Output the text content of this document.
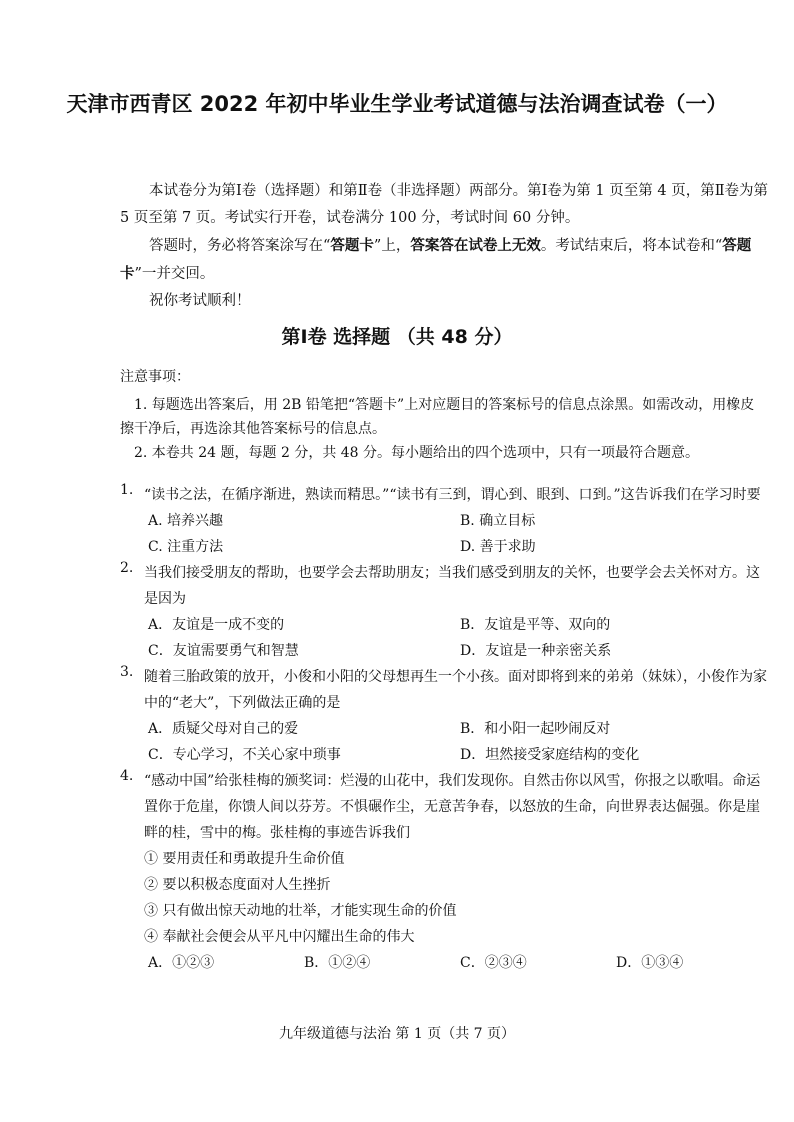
天津市西青区 2022 年初中毕业生学业考试道德与法治调查试卷（一）

本试卷分为第Ⅰ卷（选择题）和第Ⅱ卷（非选择题）两部分。第Ⅰ卷为第 1 页至第 4 页，第Ⅱ卷为第 5 页至第 7 页。考试实行开卷，试卷满分 100 分，考试时间 60 分钟。

答题时，务必将答案涂写在“答题卡”上，答案答在试卷上无效。考试结束后，将本试卷和“答题卡”一并交回。

祝你考试顺利！

第Ⅰ卷 选择题 （共 48 分）

注意事项：

1. 每题选出答案后，用 2B 铅笔把“答题卡”上对应题目的答案标号的信息点涂黑。如需改动，用橡皮擦干净后，再选涂其他答案标号的信息点。

2. 本卷共 24 题，每题 2 分，共 48 分。每小题给出的四个选项中，只有一项最符合题意。

1. “读书之法，在循序渐进，熟读而精思。”“读书有三到，谓心到、眼到、口到。”这告诉我们在学习时要
A. 培养兴趣	B. 确立目标
C. 注重方法	D. 善于求助
2. 当我们接受朋友的帮助，也要学会去帮助朋友；当我们感受到朋友的关怀，也要学会去关怀对方。这是因为
A．友谊是一成不变的	B．友谊是平等、双向的
C．友谊需要勇气和智慧	D．友谊是一种亲密关系
3. 随着三胎政策的放开，小俊和小阳的父母想再生一个小孩。面对即将到来的弟弟（妹妹），小俊作为家中的“老大”，下列做法正确的是
A．质疑父母对自己的爱	B．和小阳一起吵闹反对
C．专心学习，不关心家中琐事	D．坦然接受家庭结构的变化
4. “感动中国”给张桂梅的颁奖词：烂漫的山花中，我们发现你。自然击你以风雪，你报之以歌唱。命运置你于危崖，你馈人间以芬芳。不惧碾作尘，无意苦争春，以怒放的生命，向世界表达倔强。你是崖畔的桂，雪中的梅。张桂梅的事迹告诉我们
① 要用责任和勇敢提升生命价值
② 要以积极态度面对人生挫折
③ 只有做出惊天动地的壮举，才能实现生命的价值
④ 奉献社会便会从平凡中闪耀出生命的伟大
A．①②③	B．①②④	C．②③④	D．①③④
九年级道德与法治 第 1 页（共 7 页）
